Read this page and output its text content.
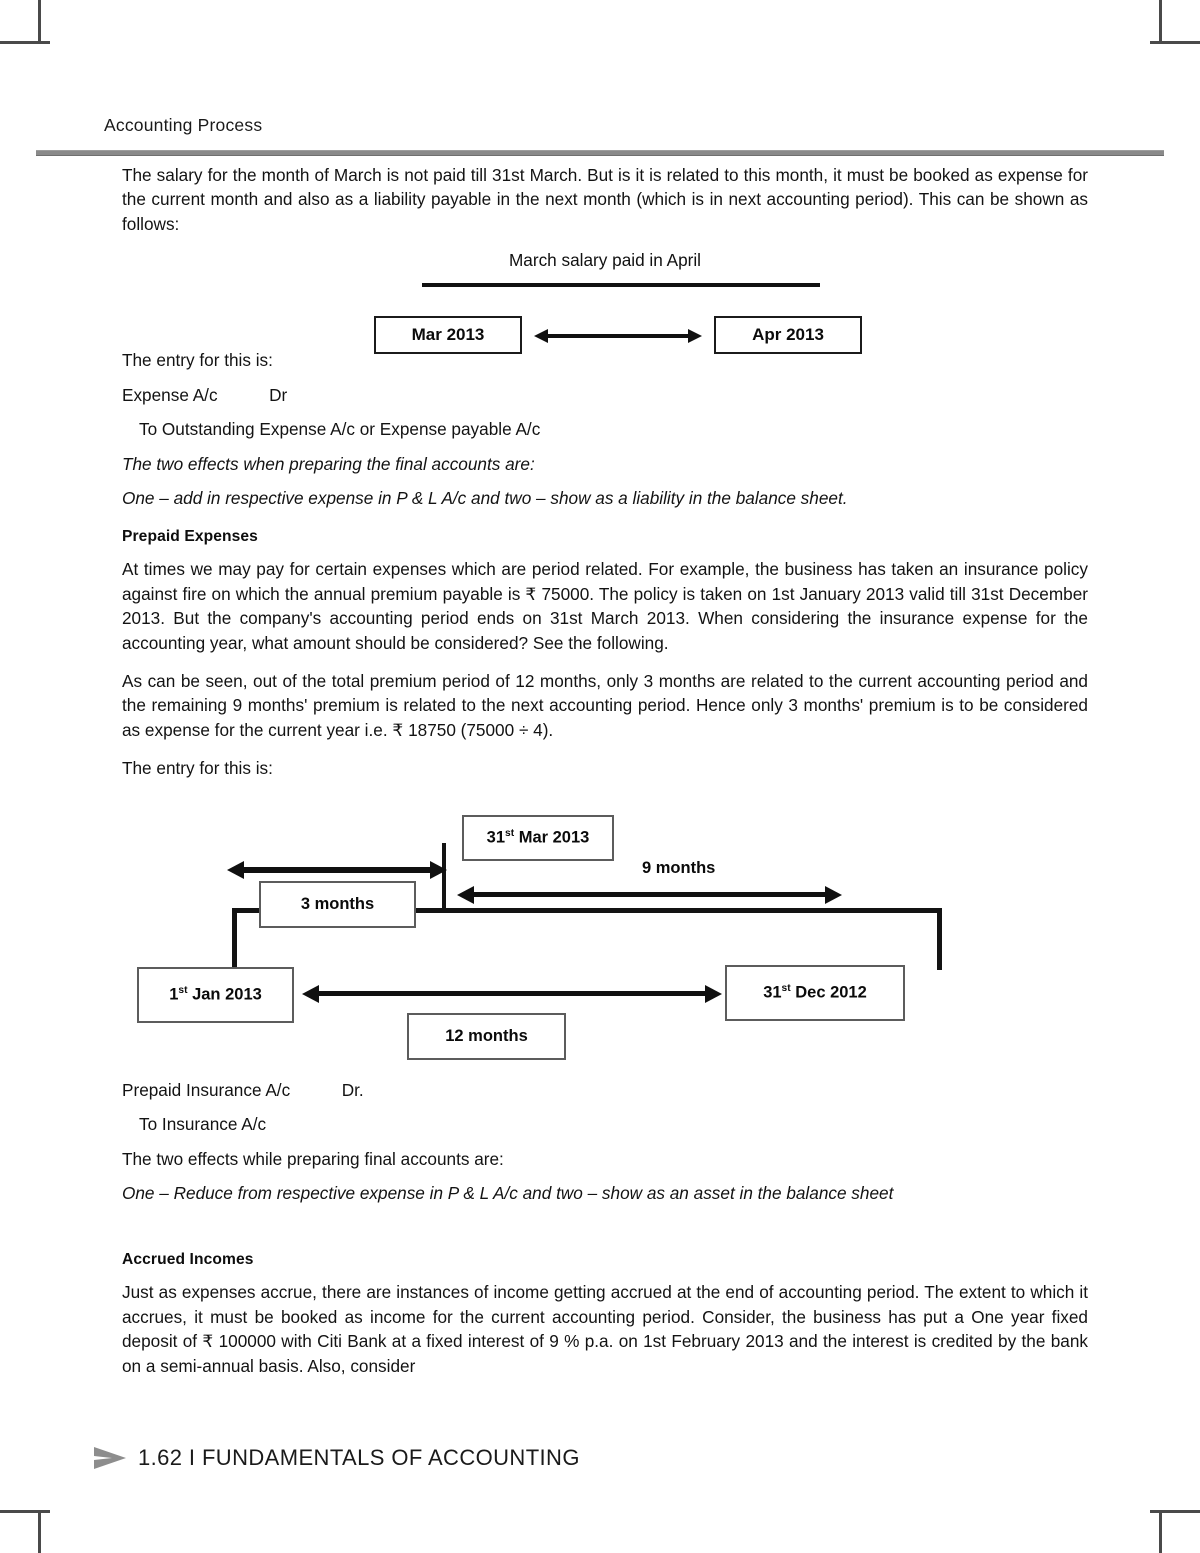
Accounting Process

The salary for the month of March is not paid till 31st March. But is it is related to this month, it must be booked as expense for the current month and also as a liability payable in the next month (which is in next accounting period). This can be shown as follows:

March salary paid in April
Mar 2013	Apr 2013

The entry for this is:

Expense A/c   Dr

To Outstanding Expense A/c or Expense payable A/c

The two effects when preparing the final accounts are:

One – add in respective expense in P & L A/c and two – show as a liability in the balance sheet.

Prepaid Expenses

At times we may pay for certain expenses which are period related. For example, the business has taken an insurance policy against fire on which the annual premium payable is ₹ 75000. The policy is taken on 1st January 2013 valid till 31st December 2013. But the company's accounting period ends on 31st March 2013. When considering the insurance expense for the accounting year, what amount should be considered? See the following.

As can be seen, out of the total premium period of 12 months, only 3 months are related to the current accounting period and the remaining 9 months' premium is related to the next accounting period. Hence only 3 months' premium is to be considered as expense for the current year i.e. ₹ 18750 (75000 ÷ 4).

The entry for this is:

9 months
31st Mar 2013
3 months
1st Jan 2013	31st Dec 2012
12 months

Prepaid Insurance A/c   Dr.

To Insurance A/c

The two effects while preparing final accounts are:

One – Reduce from respective expense in P & L A/c and two – show as an asset in the balance sheet

Accrued Incomes

Just as expenses accrue, there are instances of income getting accrued at the end of accounting period. The extent to which it accrues, it must be booked as income for the current accounting period. Consider, the business has put a One year fixed deposit of ₹ 100000 with Citi Bank at a fixed interest of 9 % p.a. on 1st February 2013 and the interest is credited by the bank on a semi-annual basis. Also, consider

1.62 I FUNDAMENTALS OF ACCOUNTING
